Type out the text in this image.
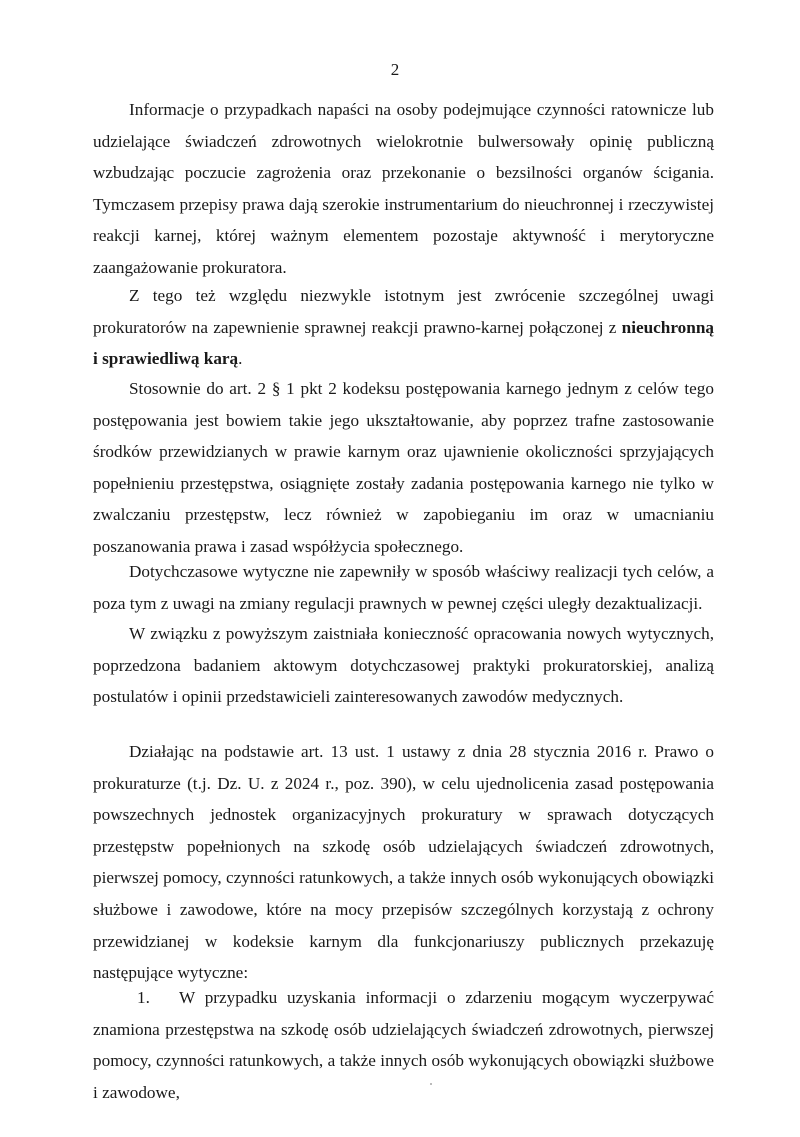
2
Informacje o przypadkach napaści na osoby podejmujące czynności ratownicze lub udzielające świadczeń zdrowotnych wielokrotnie bulwersowały opinię publiczną wzbudzając poczucie zagrożenia oraz przekonanie o bezsilności organów ścigania. Tymczasem przepisy prawa dają szerokie instrumentarium do nieuchronnej i rzeczywistej reakcji karnej, której ważnym elementem pozostaje aktywność i merytoryczne zaangażowanie prokuratora.
Z tego też względu niezwykle istotnym jest zwrócenie szczególnej uwagi prokuratorów na zapewnienie sprawnej reakcji prawno-karnej połączonej z nieuchronną i sprawiedliwą karą.
Stosownie do art. 2 § 1 pkt 2 kodeksu postępowania karnego jednym z celów tego postępowania jest bowiem takie jego ukształtowanie, aby poprzez trafne zastosowanie środków przewidzianych w prawie karnym oraz ujawnienie okoliczności sprzyjających popełnieniu przestępstwa, osiągnięte zostały zadania postępowania karnego nie tylko w zwalczaniu przestępstw, lecz również w zapobieganiu im oraz w umacnianiu poszanowania prawa i zasad współżycia społecznego.
Dotychczasowe wytyczne nie zapewniły w sposób właściwy realizacji tych celów, a poza tym z uwagi na zmiany regulacji prawnych w pewnej części uległy dezaktualizacji.
W związku z powyższym zaistniała konieczność opracowania nowych wytycznych, poprzedzona badaniem aktowym dotychczasowej praktyki prokuratorskiej, analizą postulatów i opinii przedstawicieli zainteresowanych zawodów medycznych.
Działając na podstawie art. 13 ust. 1 ustawy z dnia 28 stycznia 2016 r. Prawo o prokuraturze (t.j. Dz. U. z 2024 r., poz. 390), w celu ujednolicenia zasad postępowania powszechnych jednostek organizacyjnych prokuratury w sprawach dotyczących przestępstw popełnionych na szkodę osób udzielających świadczeń zdrowotnych, pierwszej pomocy, czynności ratunkowych, a także innych osób wykonujących obowiązki służbowe i zawodowe, które na mocy przepisów szczególnych korzystają z ochrony przewidzianej w kodeksie karnym dla funkcjonariuszy publicznych przekazuję następujące wytyczne:
1. W przypadku uzyskania informacji o zdarzeniu mogącym wyczerpywać znamiona przestępstwa na szkodę osób udzielających świadczeń zdrowotnych, pierwszej pomocy, czynności ratunkowych, a także innych osób wykonujących obowiązki służbowe i zawodowe,
